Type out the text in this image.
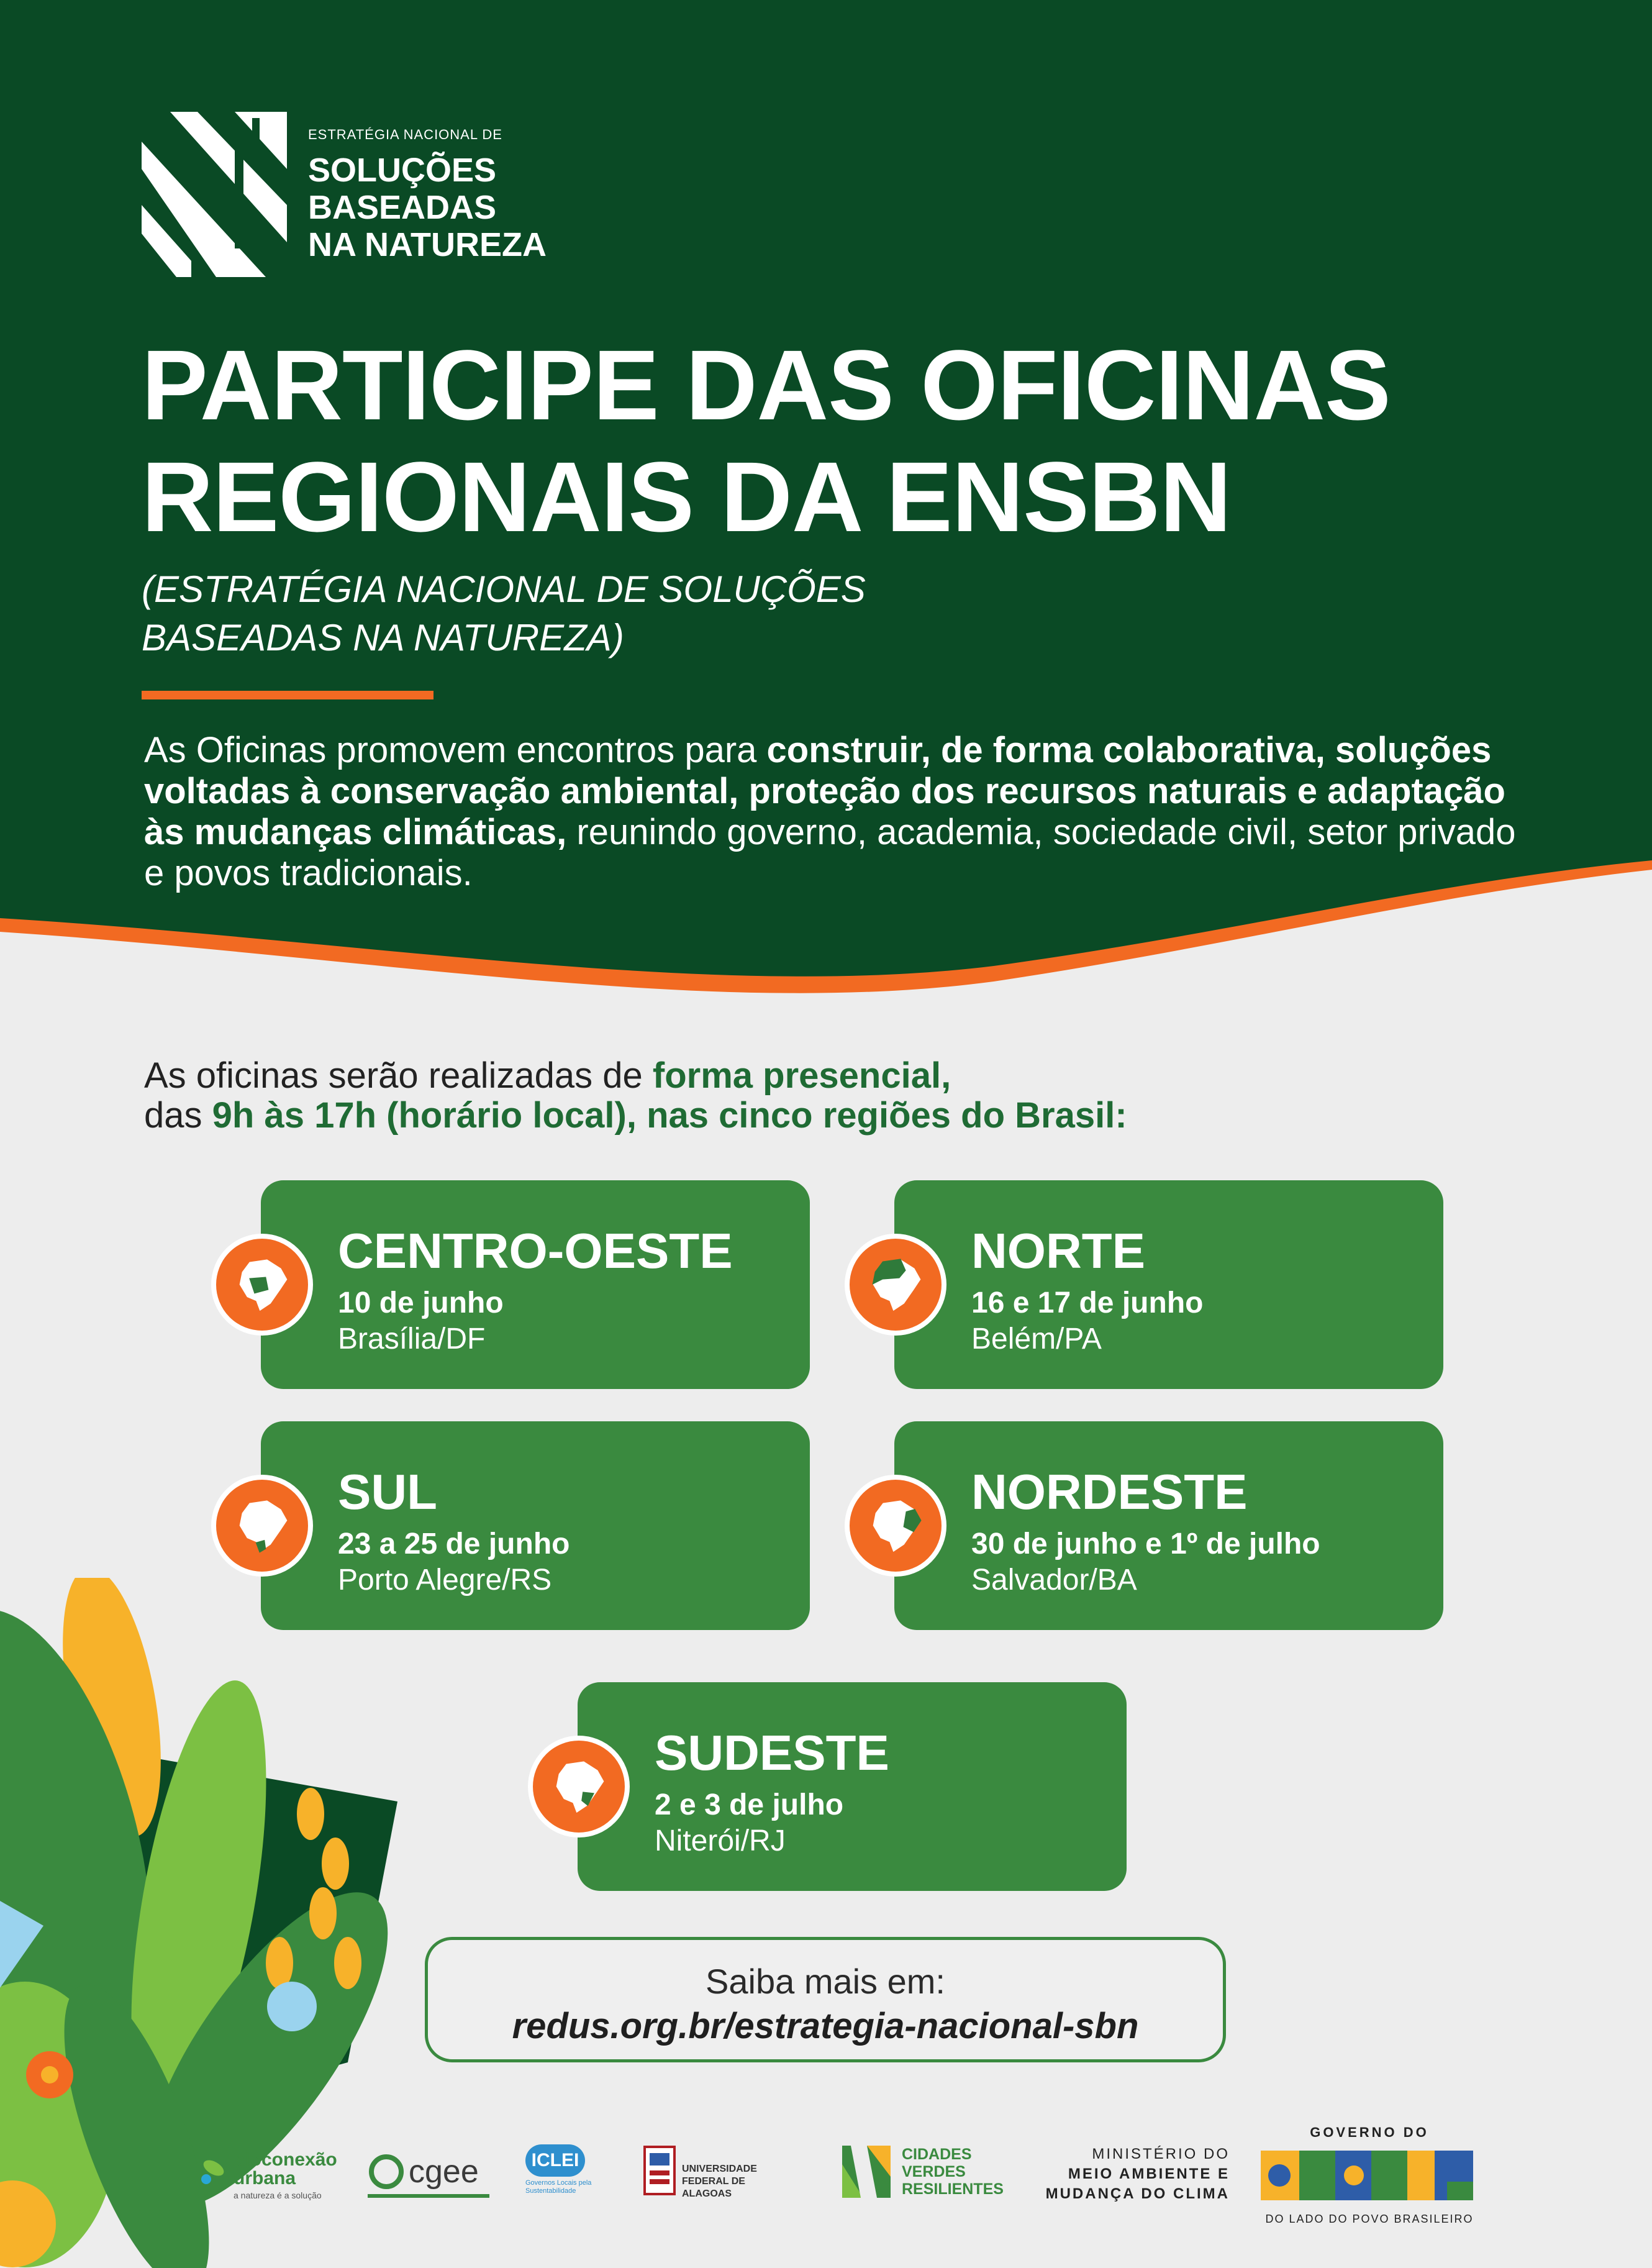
ESTRATÉGIA NACIONAL DE
SOLUÇÕES
BASEADAS
NA NATUREZA
PARTICIPE DAS OFICINAS
REGIONAIS DA ENSBN
(ESTRATÉGIA NACIONAL DE SOLUÇÕES
BASEADAS NA NATUREZA)
As Oficinas promovem encontros para construir, de forma colaborativa, soluções voltadas à conservação ambiental, proteção dos recursos naturais e adaptação às mudanças climáticas, reunindo governo, academia, sociedade civil, setor privado e povos tradicionais.
As oficinas serão realizadas de forma presencial,
das 9h às 17h (horário local), nas cinco regiões do Brasil:
CENTRO-OESTE
10 de junho
Brasília/DF
NORTE
16 e 17 de junho
Belém/PA
SUL
23 a 25 de junho
Porto Alegre/RS
NORDESTE
30 de junho e 1º de julho
Salvador/BA
SUDESTE
2 e 3 de julho
Niterói/RJ
Saiba mais em:
redus.org.br/estrategia-nacional-sbn
bioconexão
urbana
a natureza é a solução
cgee	ICLEI
Governos Locais pela Sustentabilidade
UNIVERSIDADE
FEDERAL DE ALAGOAS
CIDADES
VERDES
RESILIENTES
MINISTÉRIO DO
MEIO AMBIENTE E
MUDANÇA DO CLIMA
GOVERNO DO
DO LADO DO POVO BRASILEIRO
